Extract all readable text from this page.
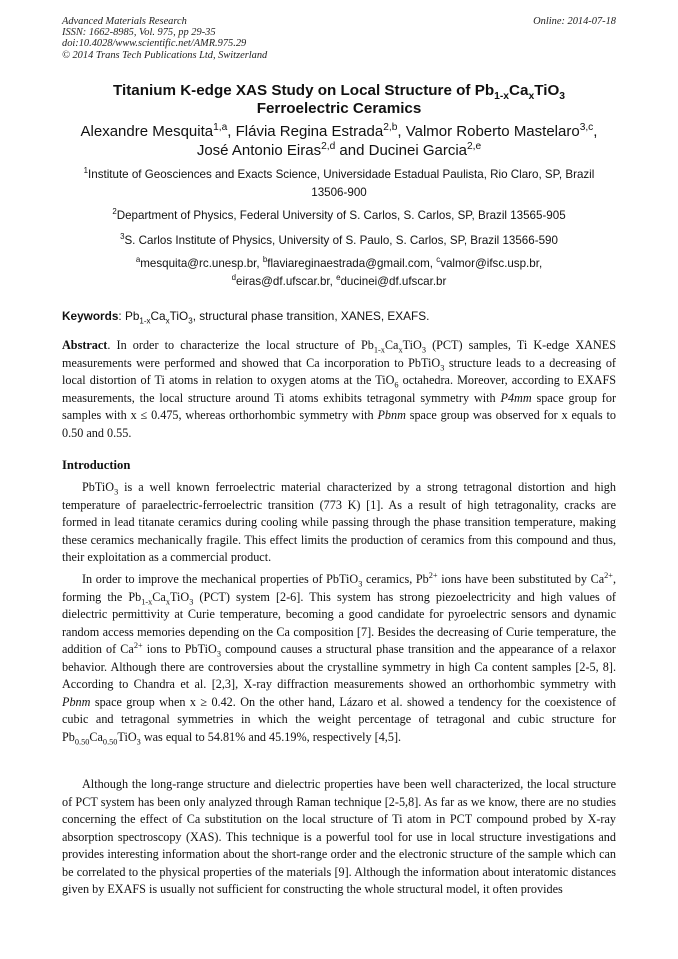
Advanced Materials Research
ISSN: 1662-8985, Vol. 975, pp 29-35
doi:10.4028/www.scientific.net/AMR.975.29
© 2014 Trans Tech Publications Ltd, Switzerland
Online: 2014-07-18
Titanium K-edge XAS Study on Local Structure of $Pb_{1-x}Ca_xTiO_3$
Ferroelectric Ceramics
Alexandre Mesquita$^{1,a}$, Flávia Regina Estrada$^{2,b}$, Valmor Roberto Mastelaro$^{3,c}$,
José Antonio Eiras$^{2,d}$ and Ducinei Garcia$^{2,e}$
$^1$Institute of Geosciences and Exacts Science, Universidade Estadual Paulista, Rio Claro, SP, Brazil 13506-900
$^2$Department of Physics, Federal University of S. Carlos, S. Carlos, SP, Brazil 13565-905
$^3$S. Carlos Institute of Physics, University of S. Paulo, S. Carlos, SP, Brazil 13566-590
$^a$mesquita@rc.unesp.br, $^b$flaviareginaestrada@gmail.com, $^c$valmor@ifsc.usp.br,
$^d$eiras@df.ufscar.br, $^e$ducinei@df.ufscar.br
Keywords: $Pb_{1-x}Ca_xTiO_3$, structural phase transition, XANES, EXAFS.
Abstract. In order to characterize the local structure of $Pb_{1-x}Ca_xTiO_3$ (PCT) samples, Ti K-edge XANES measurements were performed and showed that Ca incorporation to PbTiO$_3$ structure leads to a decreasing of local distortion of Ti atoms in relation to oxygen atoms at the TiO$_6$ octahedra. Moreover, according to EXAFS measurements, the local structure around Ti atoms exhibits tetragonal symmetry with P4mm space group for samples with x ≤ 0.475, whereas orthorhombic symmetry with Pbnm space group was observed for x equals to 0.50 and 0.55.
Introduction

PbTiO$_3$ is a well known ferroelectric material characterized by a strong tetragonal distortion and high temperature of paraelectric-ferroelectric transition (773 K) [1]. As a result of high tetragonality, cracks are formed in lead titanate ceramics during cooling while passing through the phase transition temperature, making these ceramics mechanically fragile. This effect limits the production of ceramics from this compound and thus, their exploitation as a commercial product.

In order to improve the mechanical properties of PbTiO$_3$ ceramics, $Pb^{2+}$ ions have been substituted by $Ca^{2+}$, forming the $Pb_{1-x}Ca_xTiO_3$ (PCT) system [2-6]. This system has strong piezoelectricity and high values of dielectric permittivity at Curie temperature, becoming a good candidate for pyroelectric sensors and dynamic random access memories depending on the Ca composition [7]. Besides the decreasing of Curie temperature, the addition of $Ca^{2+}$ ions to PbTiO$_3$ compound causes a structural phase transition and the appearance of a relaxor behavior. Although there are controversies about the crystalline symmetry in high Ca content samples [2-5, 8]. According to Chandra et al. [2,3], X-ray diffraction measurements showed an orthorhombic symmetry with Pbnm space group when x ≥ 0.42. On the other hand, Lázaro et al. showed a tendency for the coexistence of cubic and tetragonal symmetries in which the weight percentage of tetragonal and cubic structure for $Pb_{0.50}Ca_{0.50}TiO_3$ was equal to 54.81% and 45.19%, respectively [4,5].

Although the long-range structure and dielectric properties have been well characterized, the local structure of PCT system has been only analyzed through Raman technique [2-5,8]. As far as we know, there are no studies concerning the effect of Ca substitution on the local structure of Ti atom in PCT compound probed by X-ray absorption spectroscopy (XAS). This technique is a powerful tool for use in local structure investigations and provides interesting information about the short-range order and the electronic structure of the sample which can be correlated to the physical properties of the materials [9]. Although the information about interatomic distances given by EXAFS is usually not sufficient for constructing the whole structural model, it often provides
